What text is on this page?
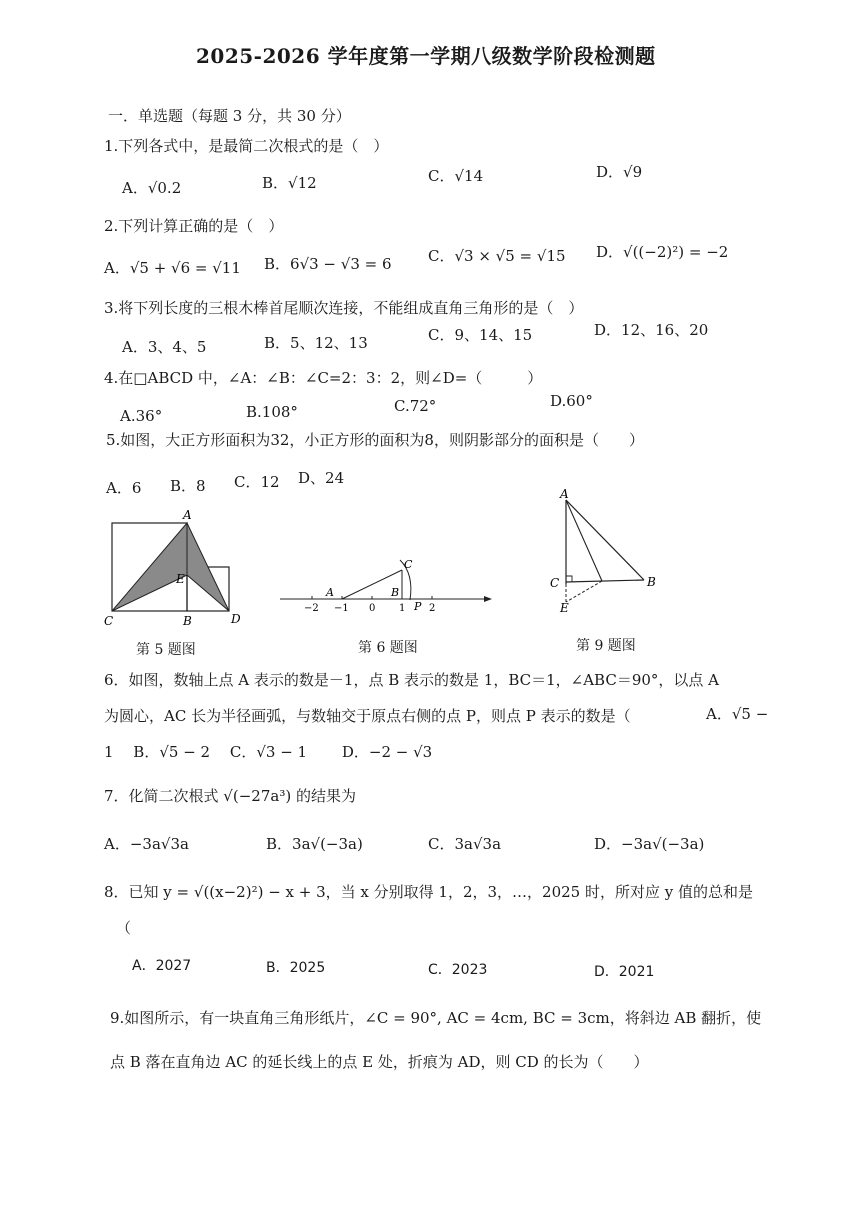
2025-2026 学年度第一学期八级数学阶段检测题
一．单选题（每题 3 分，共 30 分）
1.下列各式中，是最简二次根式的是（　）
A．√0.2	B．√12	C．√14	D．√9
2.下列计算正确的是（　）
A．√5 + √6 = √11 B．6√3 − √3 = 6 C．√3 × √5 = √15 D．√((−2)²) = −2
3.将下列长度的三根木棒首尾顺次连接，不能组成直角三角形的是（　）
A．3、4、5	B．5、12、13	C．9、14、15	D．12、16、20
4.在□ABCD 中，∠A：∠B：∠C=2：3：2，则∠D=（　　　）
A.36°	B.108°	C.72°	D.60°
5.如图，大正方形面积为32，小正方形的面积为8，则阴影部分的面积是（　　）
A．6 B．8 C．12 D、24
A
E
C	B	D
第 5 题图
A	B
C
P
−2 −1 0 1 2
第 6 题图
A
C	B
E
第 9 题图
6．如图，数轴上点 A 表示的数是－1，点 B 表示的数是 1，BC＝1，∠ABC＝90°，以点 A
为圆心，AC 长为半径画弧，与数轴交于原点右侧的点 P，则点 P 表示的数是（	A．√5 −
1　 B．√5 − 2　 C．√3 − 1　　 D．−2 − √3
7．化简二次根式 √(−27a³) 的结果为
A．−3a√3a	B．3a√(−3a)	C．3a√3a	D．−3a√(−3a)
8．已知 y = √((x−2)²) − x + 3，当 x 分别取得 1，2，3，…，2025 时，所对应 y 值的总和是
（
A．2027	B．2025	C．2023	D．2021
9.如图所示，有一块直角三角形纸片，∠C = 90°, AC = 4cm, BC = 3cm，将斜边 AB 翻折，使
点 B 落在直角边 AC 的延长线上的点 E 处，折痕为 AD，则 CD 的长为（　　）
